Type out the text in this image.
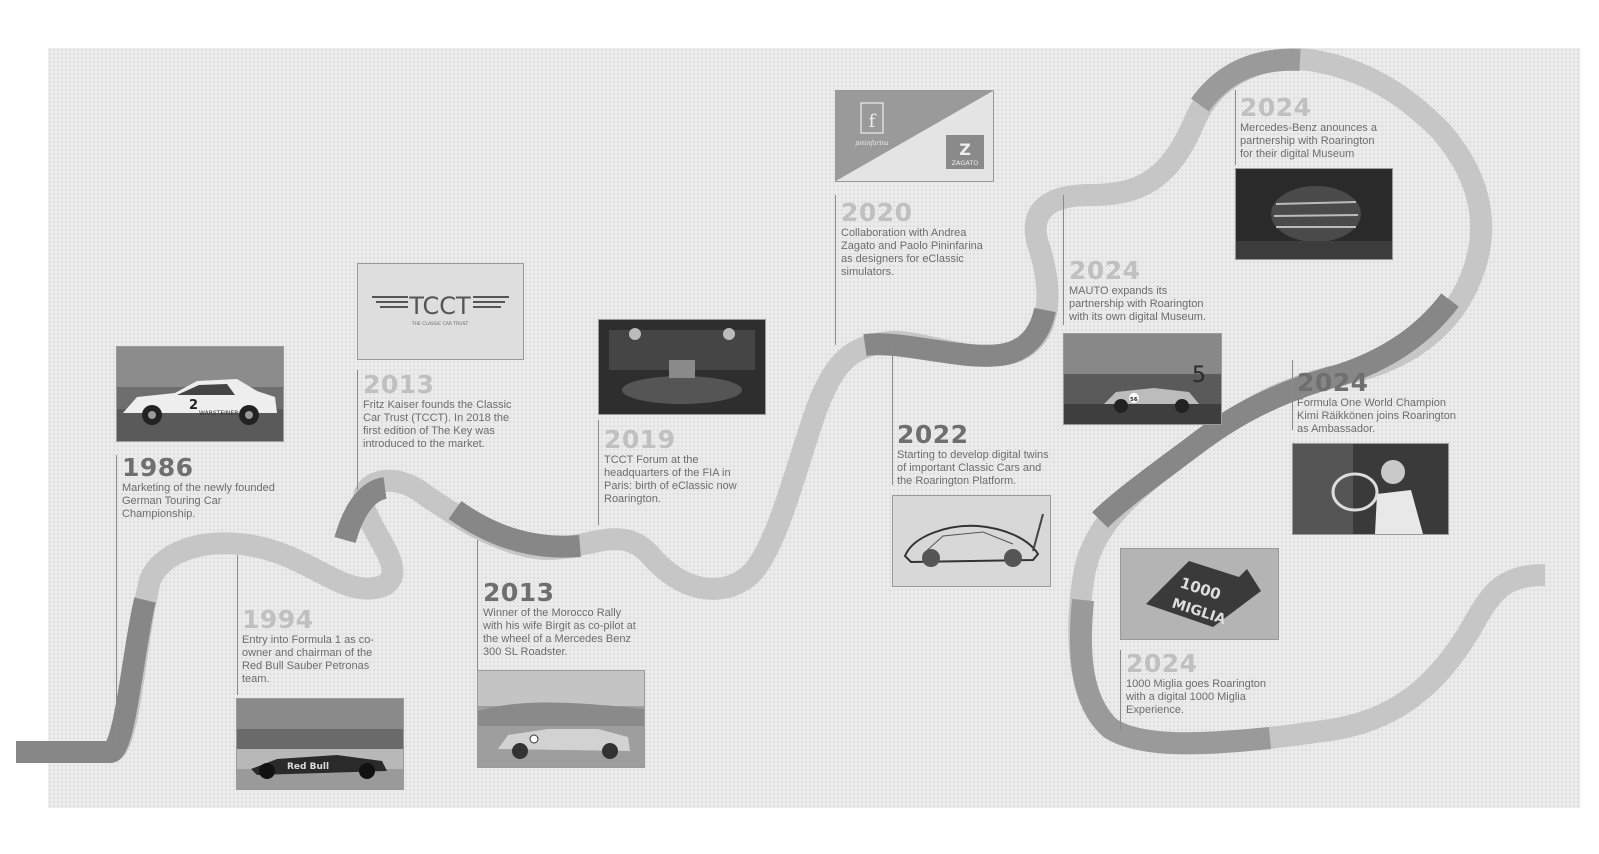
2
WARSTEINER
1986
Marketing of the newly founded German Touring Car Championship.
1994
Entry into Formula 1 as co-owner and chairman of the Red Bull Sauber Petronas team.
Red Bull
TCCT
THE CLASSIC CAR TRUST
2013
Fritz Kaiser founds the Classic Car Trust (TCCT). In 2018 the first edition of The Key was introduced to the market.
2013
Winner of the Morocco Rally with his wife Birgit as co-pilot at the wheel of a Mercedes Benz 300 SL Roadster.
2019
TCCT Forum at the headquarters of the FIA in Paris: birth of eClassic now Roarington.
f
pininfarina	Z
ZAGATO
2020
Collaboration with Andrea Zagato and Paolo Pininfarina as designers for eClassic simulators.
2022
Starting to develop digital twins of important Classic Cars and the Roarington Platform.
2024
MAUTO expands its partnership with Roarington with its own digital Museum.
56
5
2024
Mercedes-Benz anounces a partnership with Roarington for their digital Museum
2024
Formula One World Champion Kimi Räikkönen joins Roarington as Ambassador.
1000
MIGLIA
2024
1000 Miglia goes Roarington with a digital 1000 Miglia Experience.
